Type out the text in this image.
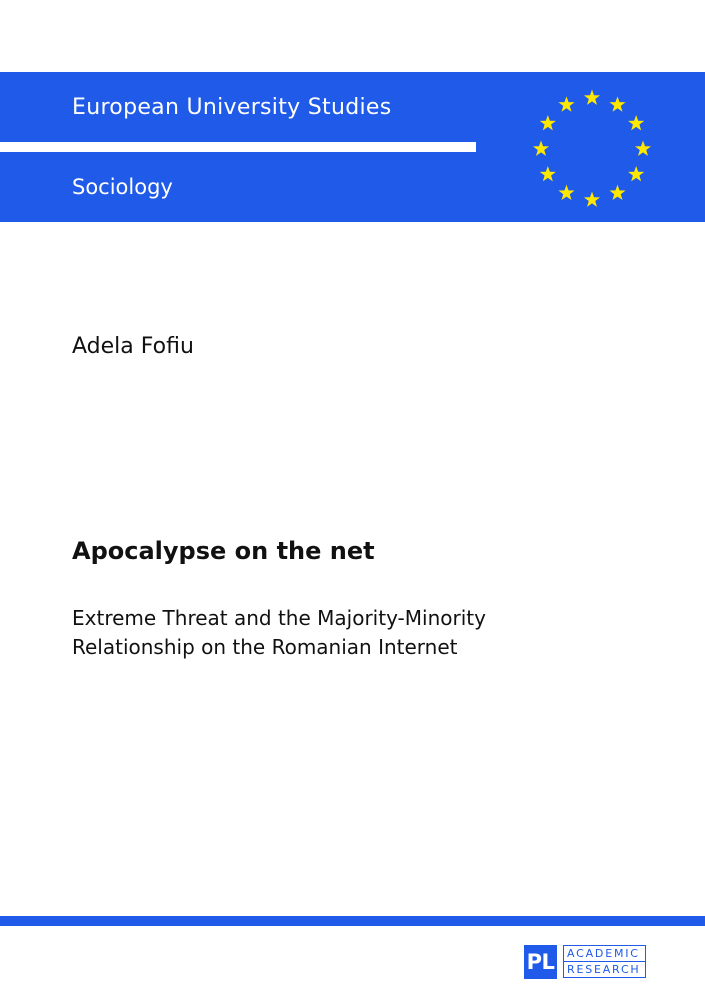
European University Studies
Sociology
Adela Fofiu
Apocalypse on the net
Extreme Threat and the Majority-Minority
Relationship on the Romanian Internet
PL	ACADEMIC
RESEARCH
